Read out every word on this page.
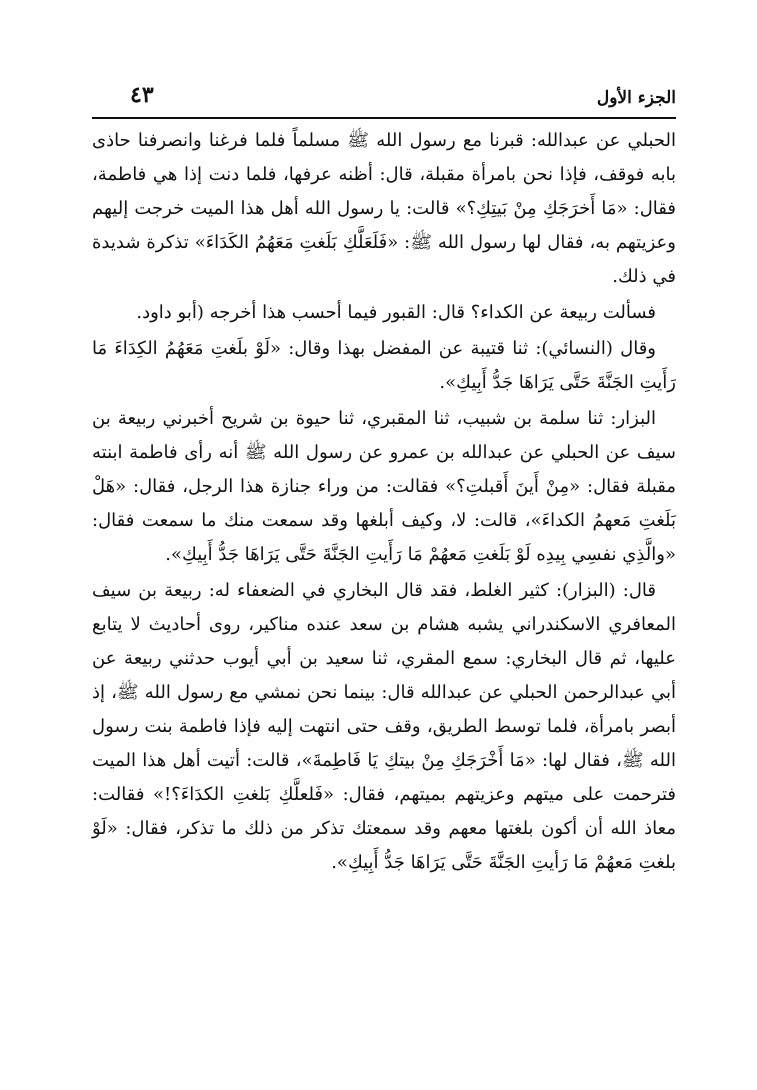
الجزء الأول
٤٣

الحبلي عن عبدالله: قبرنا مع رسول الله ﷺ مسلماً فلما فرغنا وانصرفنا حاذى بابه فوقف، فإذا نحن بامرأة مقبلة، قال: أظنه عرفها، فلما دنت إذا هي فاطمة، فقال: «مَا أَخرَجَكِ مِنْ بَيتِكِ؟» قالت: يا رسول الله أهل هذا الميت خرجت إليهم وعزيتهم به، فقال لها رسول الله ﷺ: «فَلَعَلَّكِ بَلَغتِ مَعَهُمُ الكَدَاءَ» تذكرة شديدة في ذلك.

فسألت ربيعة عن الكداء؟ قال: القبور فيما أحسب هذا أخرجه (أبو داود.

وقال (النسائي): ثنا قتيبة عن المفضل بهذا وقال: «لَوْ بلَغتِ مَعَهُمُ الكِدَاءَ مَا رَأَيتِ الجَنَّةَ حَتَّى يَرَاهَا جَدُّ أَبِيكِ».

البزار: ثنا سلمة بن شبيب، ثنا المقبري، ثنا حيوة بن شريح أخبرني ربيعة بن سيف عن الحبلي عن عبدالله بن عمرو عن رسول الله ﷺ أنه رأى فاطمة ابنته مقبلة فقال: «مِنْ أَينَ أَقبلتِ؟» فقالت: من وراء جنازة هذا الرجل، فقال: «هَلْ بَلَغتِ مَعهمُ الكداءَ»، قالت: لا، وكيف أبلغها وقد سمعت منك ما سمعت فقال: «والَّذِي نفسِي بِيدِه لَوْ بَلَغتِ مَعهُمْ مَا رَأَيتِ الجَنَّةَ حَتَّى يَرَاهَا جَدُّ أَبِيكِ».

قال: (البزار): كثير الغلط، فقد قال البخاري في الضعفاء له: ربيعة بن سيف المعافري الاسكندراني يشبه هشام بن سعد عنده مناكير، روى أحاديث لا يتابع عليها، ثم قال البخاري: سمع المقري، ثنا سعيد بن أبي أيوب حدثني ربيعة عن أبي عبدالرحمن الحبلي عن عبدالله قال: بينما نحن نمشي مع رسول الله ﷺ، إذ أبصر بامرأة، فلما توسط الطريق، وقف حتى انتهت إليه فإذا فاطمة بنت رسول الله ﷺ، فقال لها: «مَا أَخْرَجَكِ مِنْ بيتكِ يَا فَاطِمةَ»، قالت: أتيت أهل هذا الميت فترحمت على ميتهم وعزيتهم بميتهم، فقال: «فَلعلَّكِ بَلغتِ الكدَاءَ؟!» فقالت: معاذ الله أن أكون بلغتها معهم وقد سمعتك تذكر من ذلك ما تذكر، فقال: «لَوْ بلغتِ مَعهُمْ مَا رَأيتِ الجَنَّةَ حَتَّى يَرَاهَا جَدُّ أَبِيكِ».
